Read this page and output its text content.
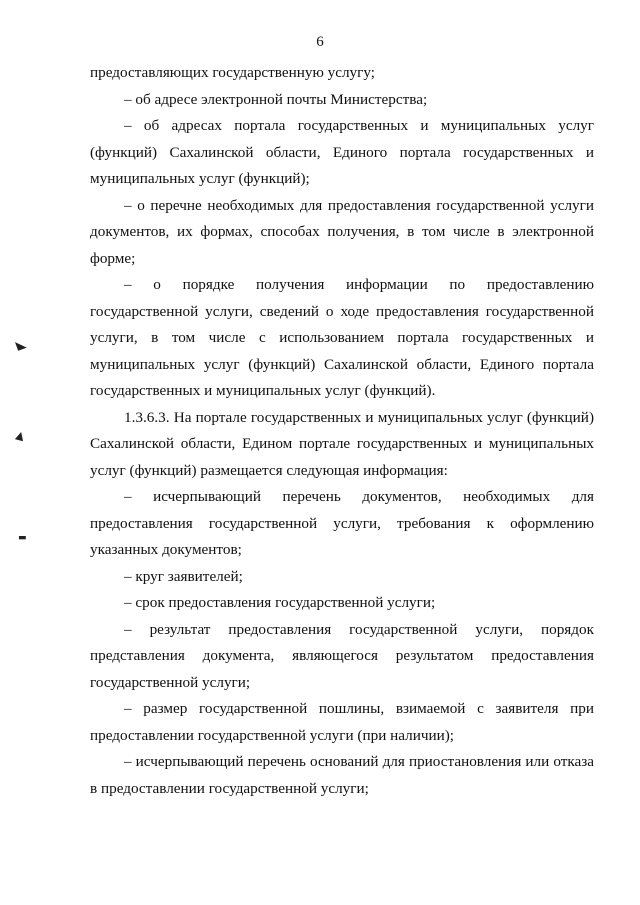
6

предоставляющих государственную услугу;

– об адресе электронной почты Министерства;

– об адресах портала государственных и муниципальных услуг (функций) Сахалинской области, Единого портала государственных и муниципальных услуг (функций);

– о перечне необходимых для предоставления государственной услуги документов, их формах, способах получения, в том числе в электронной форме;

– о порядке получения информации по предоставлению государственной услуги, сведений о ходе предоставления государственной услуги, в том числе с использованием портала государственных и муниципальных услуг (функций) Сахалинской области, Единого портала государственных и муниципальных услуг (функций).

1.3.6.3. На портале государственных и муниципальных услуг (функций) Сахалинской области, Едином портале государственных и муниципальных услуг (функций) размещается следующая информация:

– исчерпывающий перечень документов, необходимых для предоставления государственной услуги, требования к оформлению указанных документов;

– круг заявителей;

– срок предоставления государственной услуги;

– результат предоставления государственной услуги, порядок представления документа, являющегося результатом предоставления государственной услуги;

– размер государственной пошлины, взимаемой с заявителя при предоставлении государственной услуги (при наличии);

– исчерпывающий перечень оснований для приостановления или отказа в предоставлении государственной услуги;

◣
▲
▬
